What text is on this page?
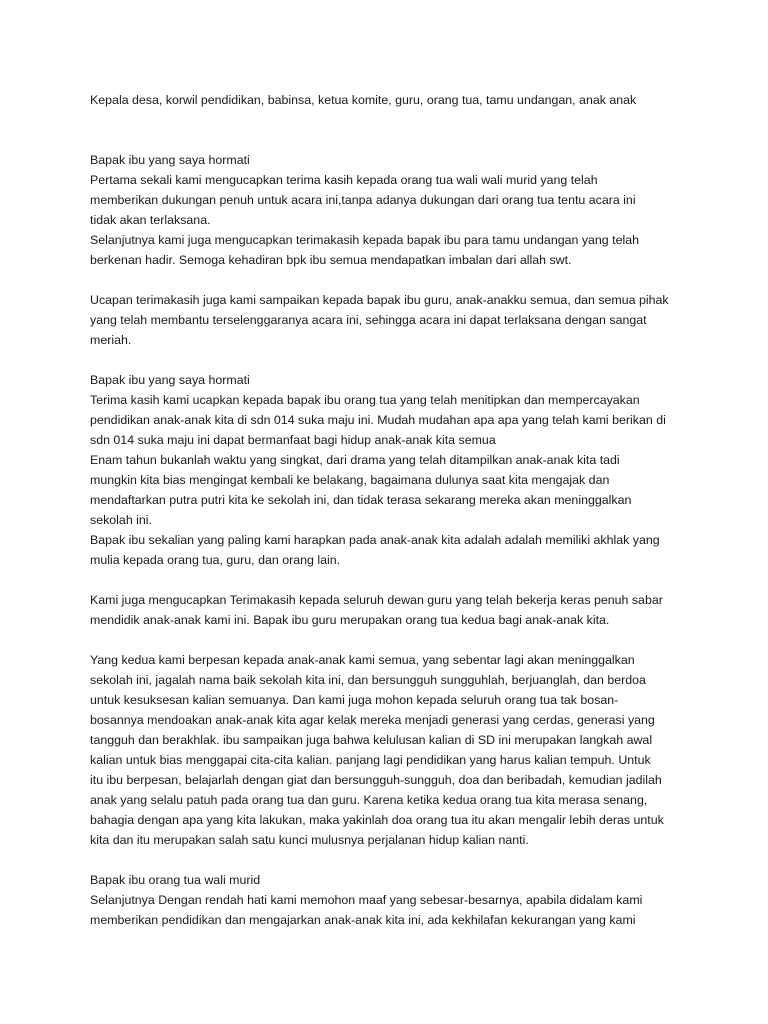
Kepala desa, korwil pendidikan, babinsa, ketua komite, guru, orang tua, tamu undangan, anak anak
Bapak ibu yang saya hormati
Pertama sekali kami mengucapkan terima kasih kepada orang tua wali wali murid yang telah
memberikan dukungan penuh untuk acara ini,tanpa adanya dukungan dari orang tua tentu acara ini
tidak akan terlaksana.
Selanjutnya kami juga mengucapkan terimakasih kepada bapak ibu para tamu undangan yang telah
berkenan hadir. Semoga kehadiran bpk ibu semua mendapatkan imbalan dari allah swt.
Ucapan terimakasih juga kami sampaikan kepada bapak ibu guru, anak-anakku semua, dan semua pihak
yang telah membantu terselenggaranya acara ini, sehingga acara ini dapat terlaksana dengan sangat
meriah.
Bapak ibu yang saya hormati
Terima kasih kami ucapkan kepada bapak ibu orang tua yang telah menitipkan dan mempercayakan
pendidikan anak-anak kita di sdn 014 suka maju ini. Mudah mudahan apa apa yang telah kami berikan di
sdn 014 suka maju ini dapat bermanfaat bagi hidup anak-anak kita semua
Enam tahun bukanlah waktu yang singkat, dari drama yang telah ditampilkan anak-anak kita tadi
mungkin kita bias mengingat kembali ke belakang, bagaimana dulunya saat kita mengajak dan
mendaftarkan putra putri kita ke sekolah ini, dan tidak terasa sekarang mereka akan meninggalkan
sekolah ini.
Bapak ibu sekalian yang paling kami harapkan pada anak-anak kita adalah adalah memiliki akhlak yang
mulia kepada orang tua, guru, dan orang lain.
Kami juga mengucapkan Terimakasih kepada seluruh dewan guru yang telah bekerja keras penuh sabar
mendidik anak-anak kami ini. Bapak ibu guru merupakan orang tua kedua bagi anak-anak kita.
Yang kedua kami berpesan kepada anak-anak kami semua, yang sebentar lagi akan meninggalkan
sekolah ini, jagalah nama baik sekolah kita ini, dan bersungguh sungguhlah, berjuanglah, dan berdoa
untuk kesuksesan kalian semuanya. Dan kami juga mohon kepada seluruh orang tua tak bosan-
bosannya mendoakan anak-anak kita agar kelak mereka menjadi generasi yang cerdas, generasi yang
tangguh dan berakhlak. ibu sampaikan juga bahwa kelulusan kalian di SD ini merupakan langkah awal
kalian untuk bias menggapai cita-cita kalian. panjang lagi pendidikan yang harus kalian tempuh. Untuk
itu ibu berpesan, belajarlah dengan giat dan bersungguh-sungguh, doa dan beribadah, kemudian jadilah
anak yang selalu patuh pada orang tua dan guru. Karena ketika kedua orang tua kita merasa senang,
bahagia dengan apa yang kita lakukan, maka yakinlah doa orang tua itu akan mengalir lebih deras untuk
kita dan itu merupakan salah satu kunci mulusnya perjalanan hidup kalian nanti.
Bapak ibu orang tua wali murid
Selanjutnya Dengan rendah hati kami memohon maaf yang sebesar-besarnya, apabila didalam kami
memberikan pendidikan dan mengajarkan anak-anak kita ini, ada kekhilafan kekurangan yang kami
